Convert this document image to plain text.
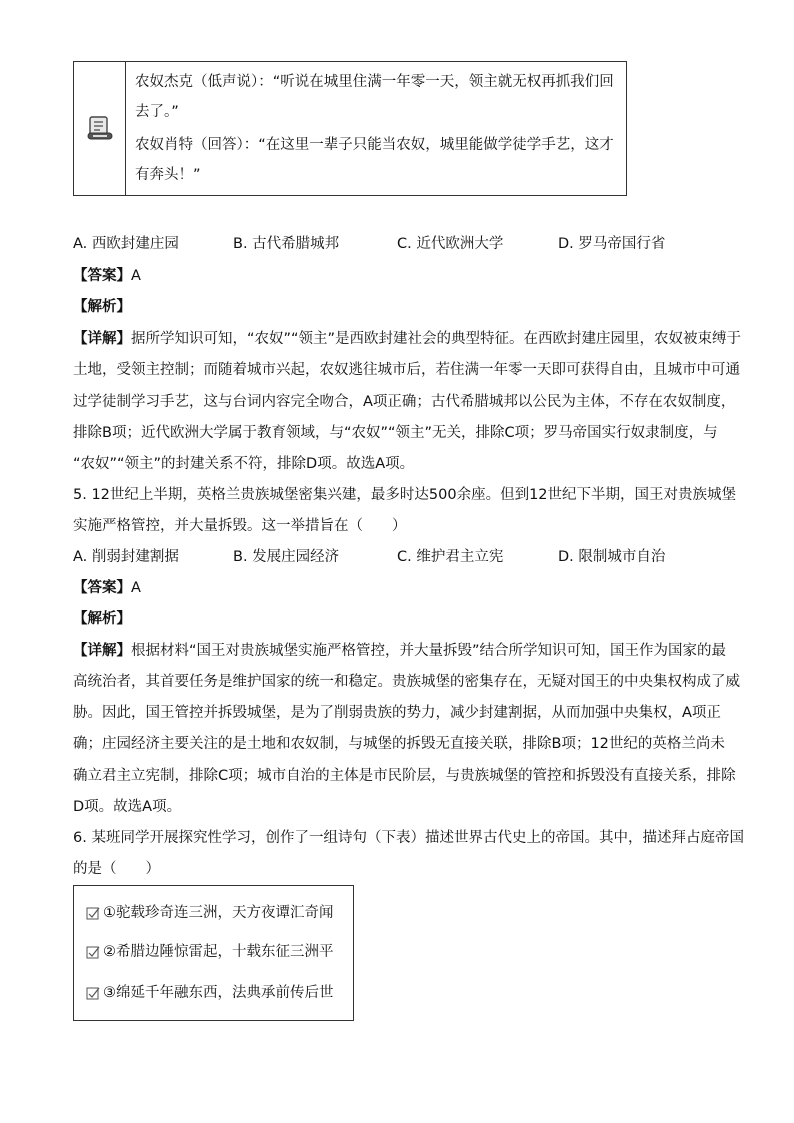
农奴杰克（低声说）：“听说在城里住满一年零一天，领主就无权再抓我们回
去了。”
农奴肖特（回答）：“在这里一辈子只能当农奴，城里能做学徒学手艺，这才
有奔头！”
A. 西欧封建庄园	B. 古代希腊城邦	C. 近代欧洲大学	D. 罗马帝国行省
【答案】A
【解析】
【详解】据所学知识可知，“农奴”“领主”是西欧封建社会的典型特征。在西欧封建庄园里，农奴被束缚于
土地，受领主控制；而随着城市兴起，农奴逃往城市后，若住满一年零一天即可获得自由，且城市中可通
过学徒制学习手艺，这与台词内容完全吻合，A项正确；古代希腊城邦以公民为主体，不存在农奴制度，
排除B项；近代欧洲大学属于教育领域，与“农奴”“领主”无关，排除C项；罗马帝国实行奴隶制度，与
“农奴”“领主”的封建关系不符，排除D项。故选A项。
5. 12世纪上半期，英格兰贵族城堡密集兴建，最多时达500余座。但到12世纪下半期，国王对贵族城堡
实施严格管控，并大量拆毁。这一举措旨在（　　）
A. 削弱封建割据	B. 发展庄园经济	C. 维护君主立宪	D. 限制城市自治
【答案】A
【解析】
【详解】根据材料“国王对贵族城堡实施严格管控，并大量拆毁”结合所学知识可知，国王作为国家的最
高统治者，其首要任务是维护国家的统一和稳定。贵族城堡的密集存在，无疑对国王的中央集权构成了威
胁。因此，国王管控并拆毁城堡，是为了削弱贵族的势力，减少封建割据，从而加强中央集权，A项正
确；庄园经济主要关注的是土地和农奴制，与城堡的拆毁无直接关联，排除B项；12世纪的英格兰尚未
确立君主立宪制，排除C项；城市自治的主体是市民阶层，与贵族城堡的管控和拆毁没有直接关系，排除
D项。故选A项。
6. 某班同学开展探究性学习，创作了一组诗句（下表）描述世界古代史上的帝国。其中，描述拜占庭帝国
的是（　　）
①驼载珍奇连三洲，天方夜谭汇奇闻
②希腊边陲惊雷起，十载东征三洲平
③绵延千年融东西，法典承前传后世
